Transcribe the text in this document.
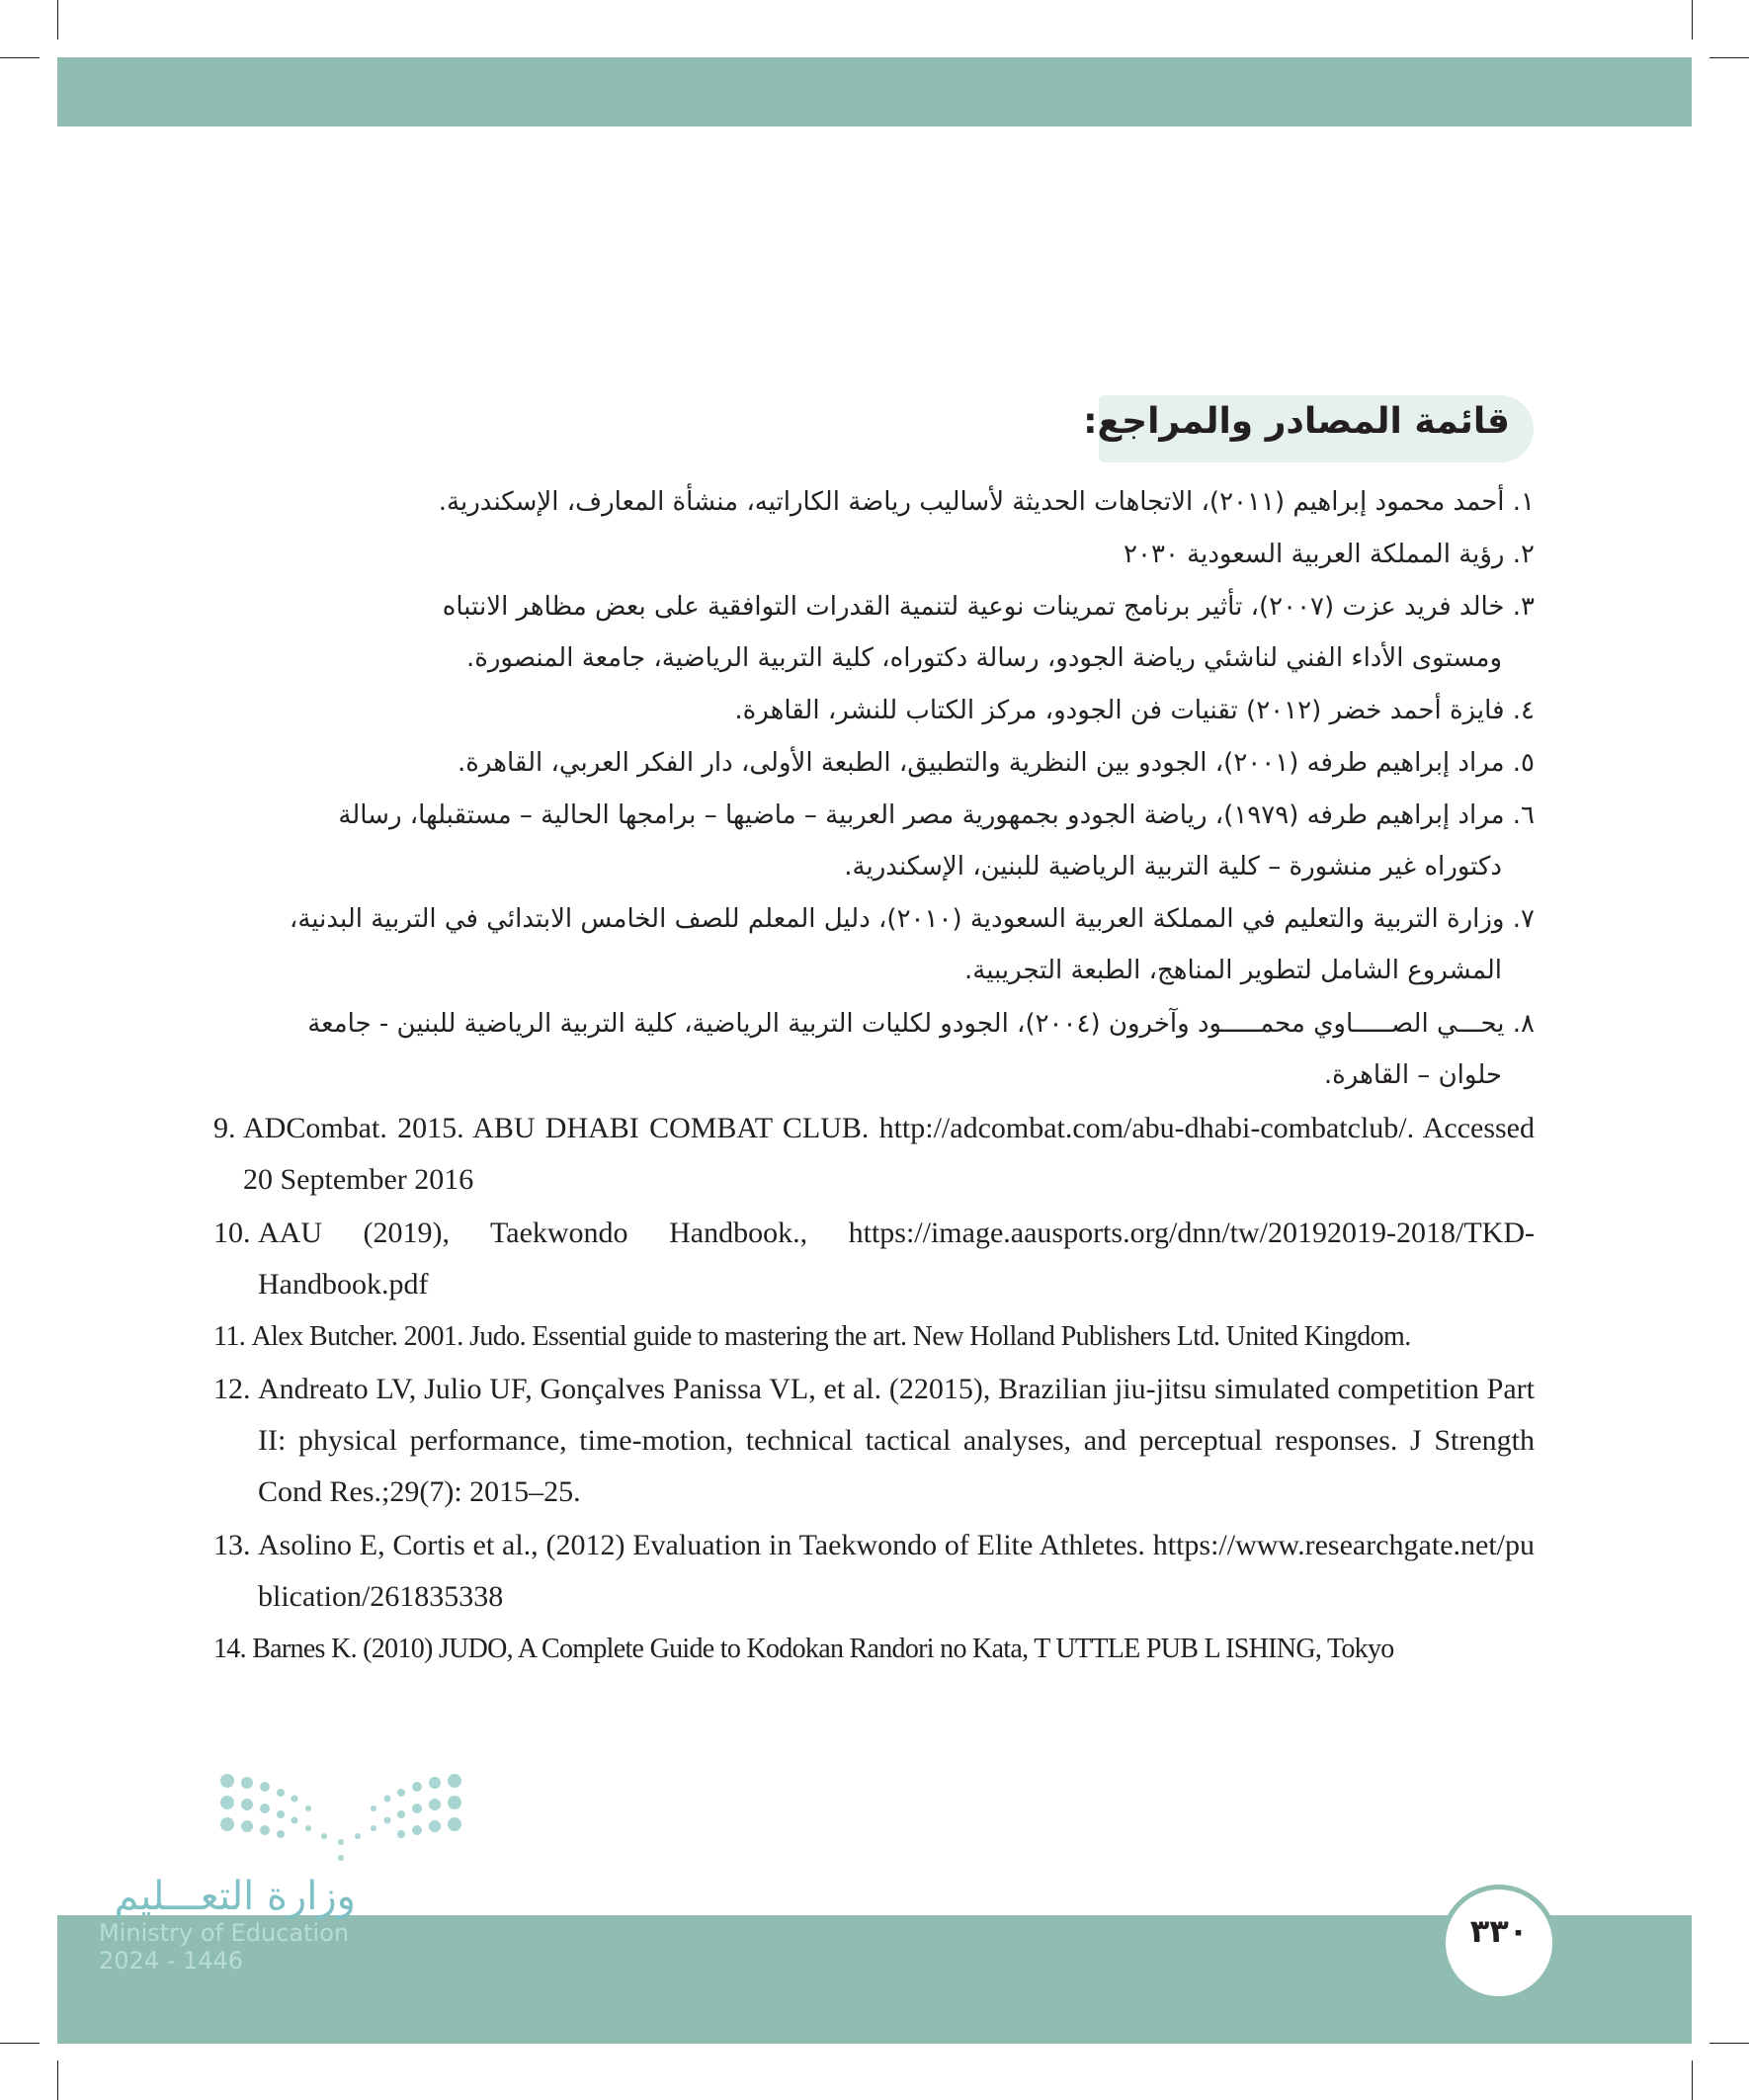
قائمة المصادر والمراجع:
١. أحمد محمود إبراهيم (٢٠١١)، الاتجاهات الحديثة لأساليب رياضة الكاراتيه، منشأة المعارف، الإسكندرية.
٢. رؤية المملكة العربية السعودية ٢٠٣٠
٣. خالد فريد عزت (٢٠٠٧)، تأثير برنامج تمرينات نوعية لتنمية القدرات التوافقية على بعض مظاهر الانتباه
ومستوى الأداء الفني لناشئي رياضة الجودو، رسالة دكتوراه، كلية التربية الرياضية، جامعة المنصورة.
٤. فايزة أحمد خضر (٢٠١٢) تقنيات فن الجودو، مركز الكتاب للنشر، القاهرة.
٥. مراد إبراهيم طرفه (٢٠٠١)، الجودو بين النظرية والتطبيق، الطبعة الأولى، دار الفكر العربي، القاهرة.
٦. مراد إبراهيم طرفه (١٩٧٩)، رياضة الجودو بجمهورية مصر العربية – ماضيها – برامجها الحالية – مستقبلها، رسالة
دكتوراه غير منشورة – كلية التربية الرياضية للبنين، الإسكندرية.
٧. وزارة التربية والتعليم في المملكة العربية السعودية (٢٠١٠)، دليل المعلم للصف الخامس الابتدائي في التربية البدنية،
المشروع الشامل لتطوير المناهج، الطبعة التجريبية.
٨. يحـــي الصـــــاوي محمـــــود وآخرون (٢٠٠٤)، الجودو لكليات التربية الرياضية، كلية التربية الرياضية للبنين - جامعة
حلوان – القاهرة.
9. ADCombat. 2015. ABU DHABI COMBAT CLUB. http://adcombat.com/abu-dhabi-combatclub/. Accessed 20 September 2016
10. AAU (2019), Taekwondo Handbook., https://image.aausports.org/dnn/tw/20192019-2018/TKD-Handbook.pdf
11. Alex Butcher. 2001. Judo. Essential guide to mastering the art. New Holland Publishers Ltd. United Kingdom.
12. Andreato LV, Julio UF, Gonçalves Panissa VL, et al. (22015), Brazilian jiu-jitsu simulated competition Part II: physical performance, time-motion, technical tactical analyses, and perceptual responses. J Strength Cond Res.;29(7): 2015–25.
13. Asolino E, Cortis et al., (2012) Evaluation in Taekwondo of Elite Athletes. https://www.researchgate.net/publication/261835338
14. Barnes K. (2010) JUDO, A Complete Guide to Kodokan Randori no Kata, T UTTLE PUB L ISHING, Tokyo
وزارة التعـــليم
Ministry of Education
2024 - 1446
٣٣٠
